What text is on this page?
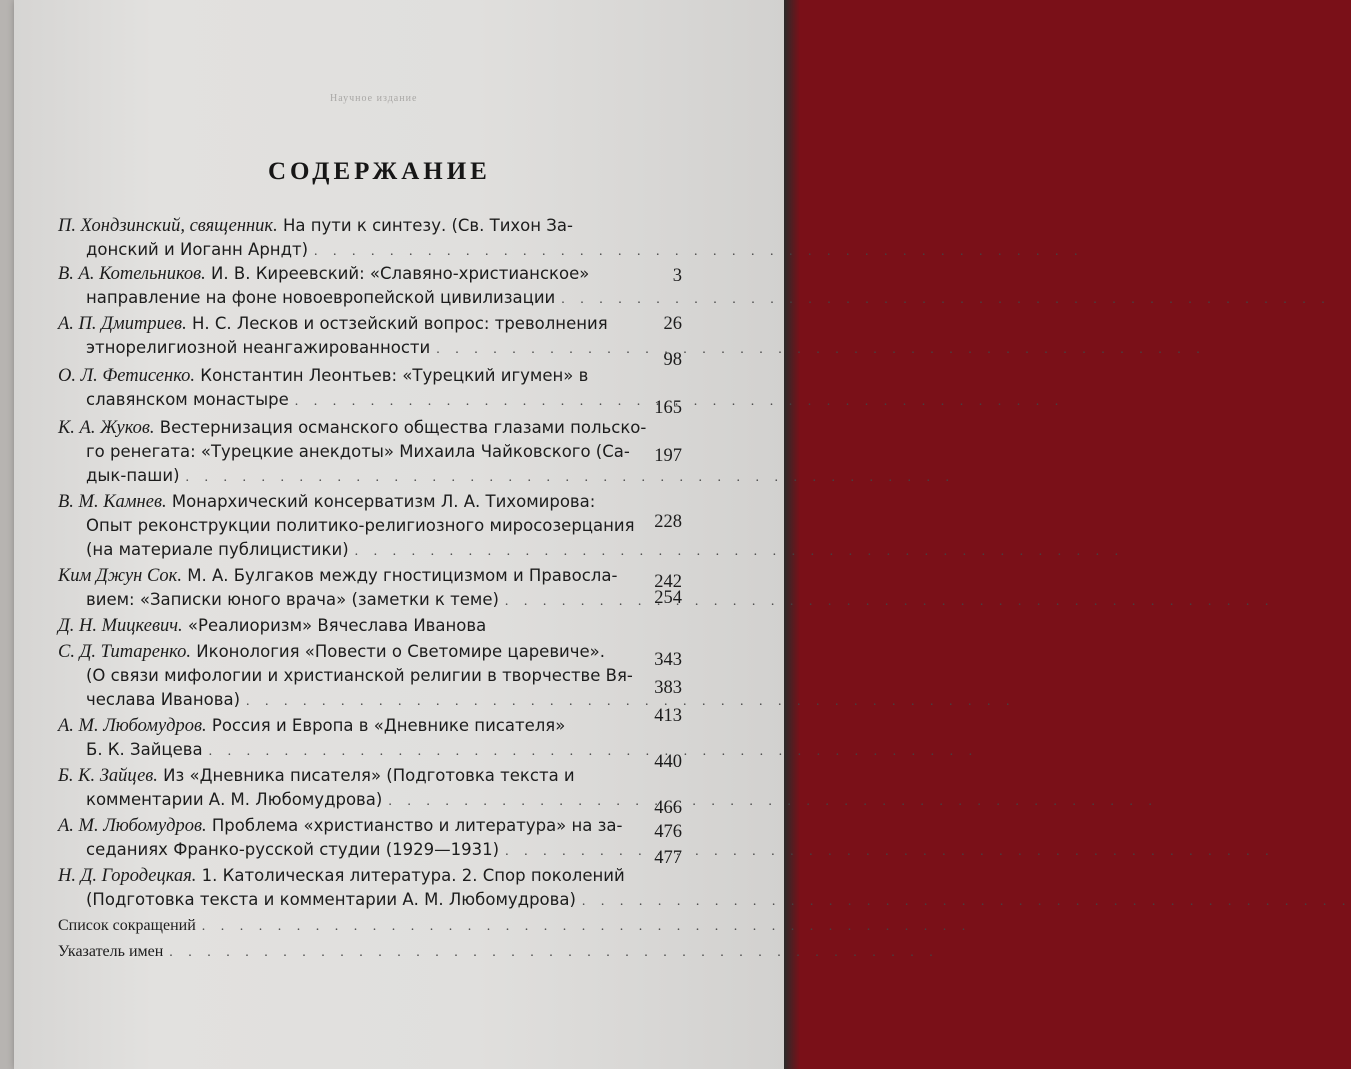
Научное издание
СОДЕРЖАНИЕ
П. Хондзинский, священник. На пути к синтезу. (Св. Тихон За-
донский и Иоганн Арндт)
. . .
В. А. Котельников. И. В. Киреевский: «Славяно-христианское»
направление на фоне новоевропейской цивилизации
. . .
А. П. Дмитриев. Н. С. Лесков и остзейский вопрос: треволнения
этнорелигиозной неангажированности
. . .
О. Л. Фетисенко. Константин Леонтьев: «Турецкий игумен» в
славянском монастыре
. . .
К. А. Жуков. Вестернизация османского общества глазами польско-
го ренегата: «Турецкие анекдоты» Михаила Чайковского (Са-
дык-паши)
. . .
В. М. Камнев. Монархический консерватизм Л. А. Тихомирова:
Опыт реконструкции политико-религиозного миросозерцания
(на материале публицистики)
. . .
Ким Джун Сок. М. А. Булгаков между гностицизмом и Правосла-
вием: «Записки юного врача» (заметки к теме)
. . .
Д. Н. Мицкевич. «Реалиоризм» Вячеслава Иванова
С. Д. Титаренко. Иконология «Повести о Светомире царевиче».
(О связи мифологии и христианской религии в творчестве Вя-
чеслава Иванова)
. . .
А. М. Любомудров. Россия и Европа в «Дневнике писателя»
Б. К. Зайцева
. . .
Б. К. Зайцев. Из «Дневника писателя» (Подготовка текста и
комментарии А. М. Любомудрова)
. . .
А. М. Любомудров. Проблема «христианство и литература» на за-
седаниях Франко-русской студии (1929—1931)
. . .
Н. Д. Городецкая. 1. Католическая литература. 2. Спор поколений
(Подготовка текста и комментарии А. М. Любомудрова)
. . .
Список сокращений
. . .
Указатель имен
. . .
3
26
98
165
197
228
242
254
343
383
413
440
466
476
477
